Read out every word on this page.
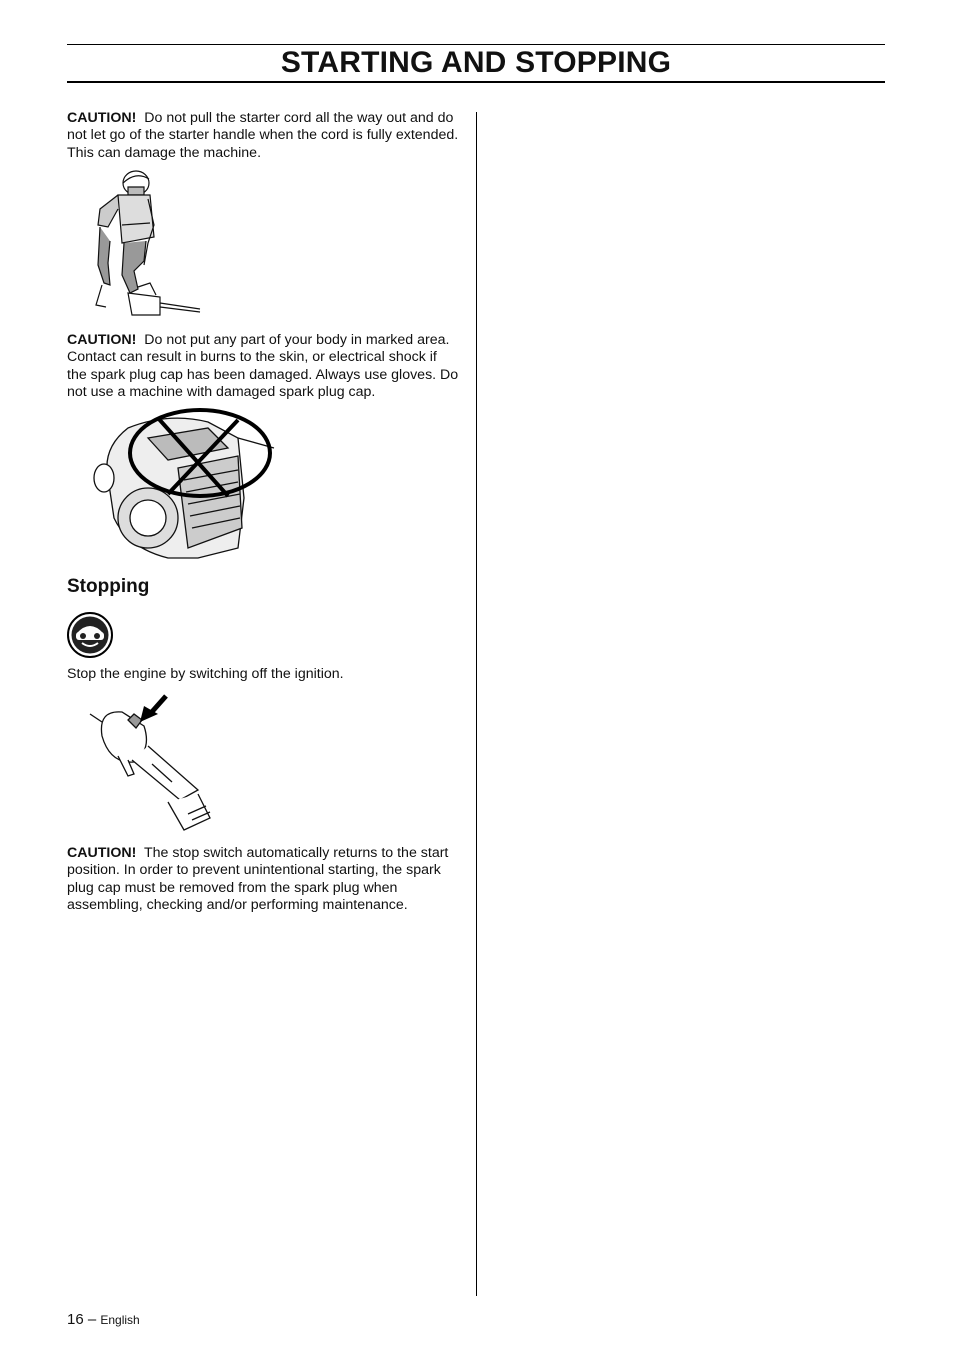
STARTING AND STOPPING

CAUTION! Do not pull the starter cord all the way out and do not let go of the starter handle when the cord is fully extended. This can damage the machine.

CAUTION! Do not put any part of your body in marked area. Contact can result in burns to the skin, or electrical shock if the spark plug cap has been damaged. Always use gloves. Do not use a machine with damaged spark plug cap.

Stopping

Stop the engine by switching off the ignition.

CAUTION! The stop switch automatically returns to the start position. In order to prevent unintentional starting, the spark plug cap must be removed from the spark plug when assembling, checking and/or performing maintenance.

16 – English
